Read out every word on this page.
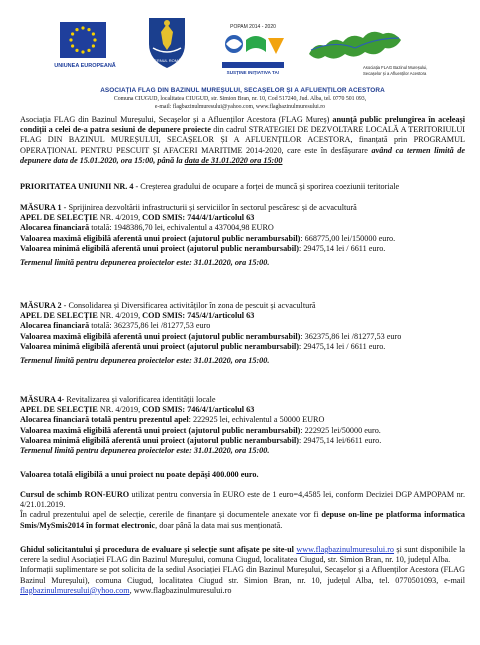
UNIUNEA EUROPEANĂ
GUVERNUL ROMÂNIEI
POPAM 2014 - 2020
SUSȚINE INIȚIATIVA TA!
Asociația FLAG Bazinul Mureșului,
Secașelor și a Afluenților Acestora
ASOCIAȚIA FLAG DIN BAZINUL MUREȘULUI, SECAȘELOR ȘI A AFLUENȚILOR ACESTORA
Comuna CIUGUD, localitatea CIUGUD, str. Simion Bran, nr. 10, Cod 517240, Jud. Alba, tel. 0770 501 093,
e-mail: flagbazinulmuresului@yahoo.com, www.flagbazinulmuresului.ro
Asociația FLAG din Bazinul Mureșului, Secașelor și a Afluenților Acestora (FLAG Mureș) anunță public prelungirea în aceleași condiții a celei de-a patra sesiuni de depunere proiecte din cadrul STRATEGIEI DE DEZVOLTARE LOCALĂ A TERITORIULUI FLAG DIN BAZINUL MUREȘULUI, SECAȘELOR ȘI A AFLUENȚILOR ACESTORA, finanțată prin PROGRAMUL OPERAȚIONAL PENTRU PESCUIT ȘI AFACERI MARITIME 2014-2020, care este în desfășurare având ca termen limită de depunere data de 15.01.2020, ora 15:00, până la data de 31.01.2020 ora 15:00
PRIORITATEA UNIUNII NR. 4 - Creșterea gradului de ocupare a forței de muncă și sporirea coeziunii teritoriale
MĂSURA 1 - Sprijinirea dezvoltării infrastructurii și serviciilor în sectorul pescăresc și de acvacultură
APEL DE SELECȚIE NR. 4/2019, COD SMIS: 744/4/1/articolul 63
Alocarea financiară totală: 1948386,70 lei, echivalentul a 437004,98 EURO
Valoarea maximă eligibilă aferentă unui proiect (ajutorul public nerambursabil): 668775,00 lei/150000 euro.
Valoarea minimă eligibilă aferentă unui proiect (ajutorul public nerambursabil): 29475,14 lei / 6611 euro.
Termenul limită pentru depunerea proiectelor este: 31.01.2020, ora 15:00.
MĂSURA 2 - Consolidarea și Diversificarea activităților în zona de pescuit și acvacultură
APEL DE SELECȚIE NR. 4/2019, COD SMIS: 745/4/1/articolul 63
Alocarea financiară totală: 362375,86 lei /81277,53 euro
Valoarea maximă eligibilă aferentă unui proiect (ajutorul public nerambursabil): 362375,86 lei /81277,53 euro
Valoarea minimă eligibilă aferentă unui proiect (ajutorul public nerambursabil): 29475,14 lei / 6611 euro.
Termenul limită pentru depunerea proiectelor este: 31.01.2020, ora 15:00.
MĂSURA 4- Revitalizarea și valorificarea identității locale
APEL DE SELECȚIE NR. 4/2019, COD SMIS: 746/4/1/articolul 63
Alocarea financiară totală pentru prezentul apel: 222925 lei, echivalentul a 50000 EURO
Valoarea maximă eligibilă aferentă unui proiect (ajutorul public nerambursabil): 222925 lei/50000 euro.
Valoarea minimă eligibilă aferentă unui proiect (ajutorul public nerambursabil): 29475,14 lei/6611 euro.
Termenul limită pentru depunerea proiectelor este: 31.01.2020, ora 15:00.
Valoarea totală eligibilă a unui proiect nu poate depăși 400.000 euro.
Cursul de schimb RON-EURO utilizat pentru conversia în EURO este de 1 euro=4,4585 lei, conform Deciziei DGP AMPOPAM nr. 4/21.01.2019.
În cadrul prezentului apel de selecție, cererile de finanțare și documentele anexate vor fi depuse on-line pe platforma informatica Smis/MySmis2014 în format electronic, doar până la data mai sus menționată.
Ghidul solicitantului și procedura de evaluare și selecție sunt afișate pe site-ul www.flagbazinulmuresului.ro și sunt disponibile la cerere la sediul Asociației FLAG din Bazinul Mureșului, comuna Ciugud, localitatea Ciugud, str. Simion Bran, nr. 10, județul Alba.
Informații suplimentare se pot solicita de la sediul Asociației FLAG din Bazinul Mureșului, Secașelor și a Afluenților Acestora (FLAG Bazinul Mureșului), comuna Ciugud, localitatea Ciugud str. Simion Bran, nr. 10, județul Alba, tel. 0770501093, e-mail flagbazinulmuresului@yhoo.com, www.flagbazinulmuresului.ro
